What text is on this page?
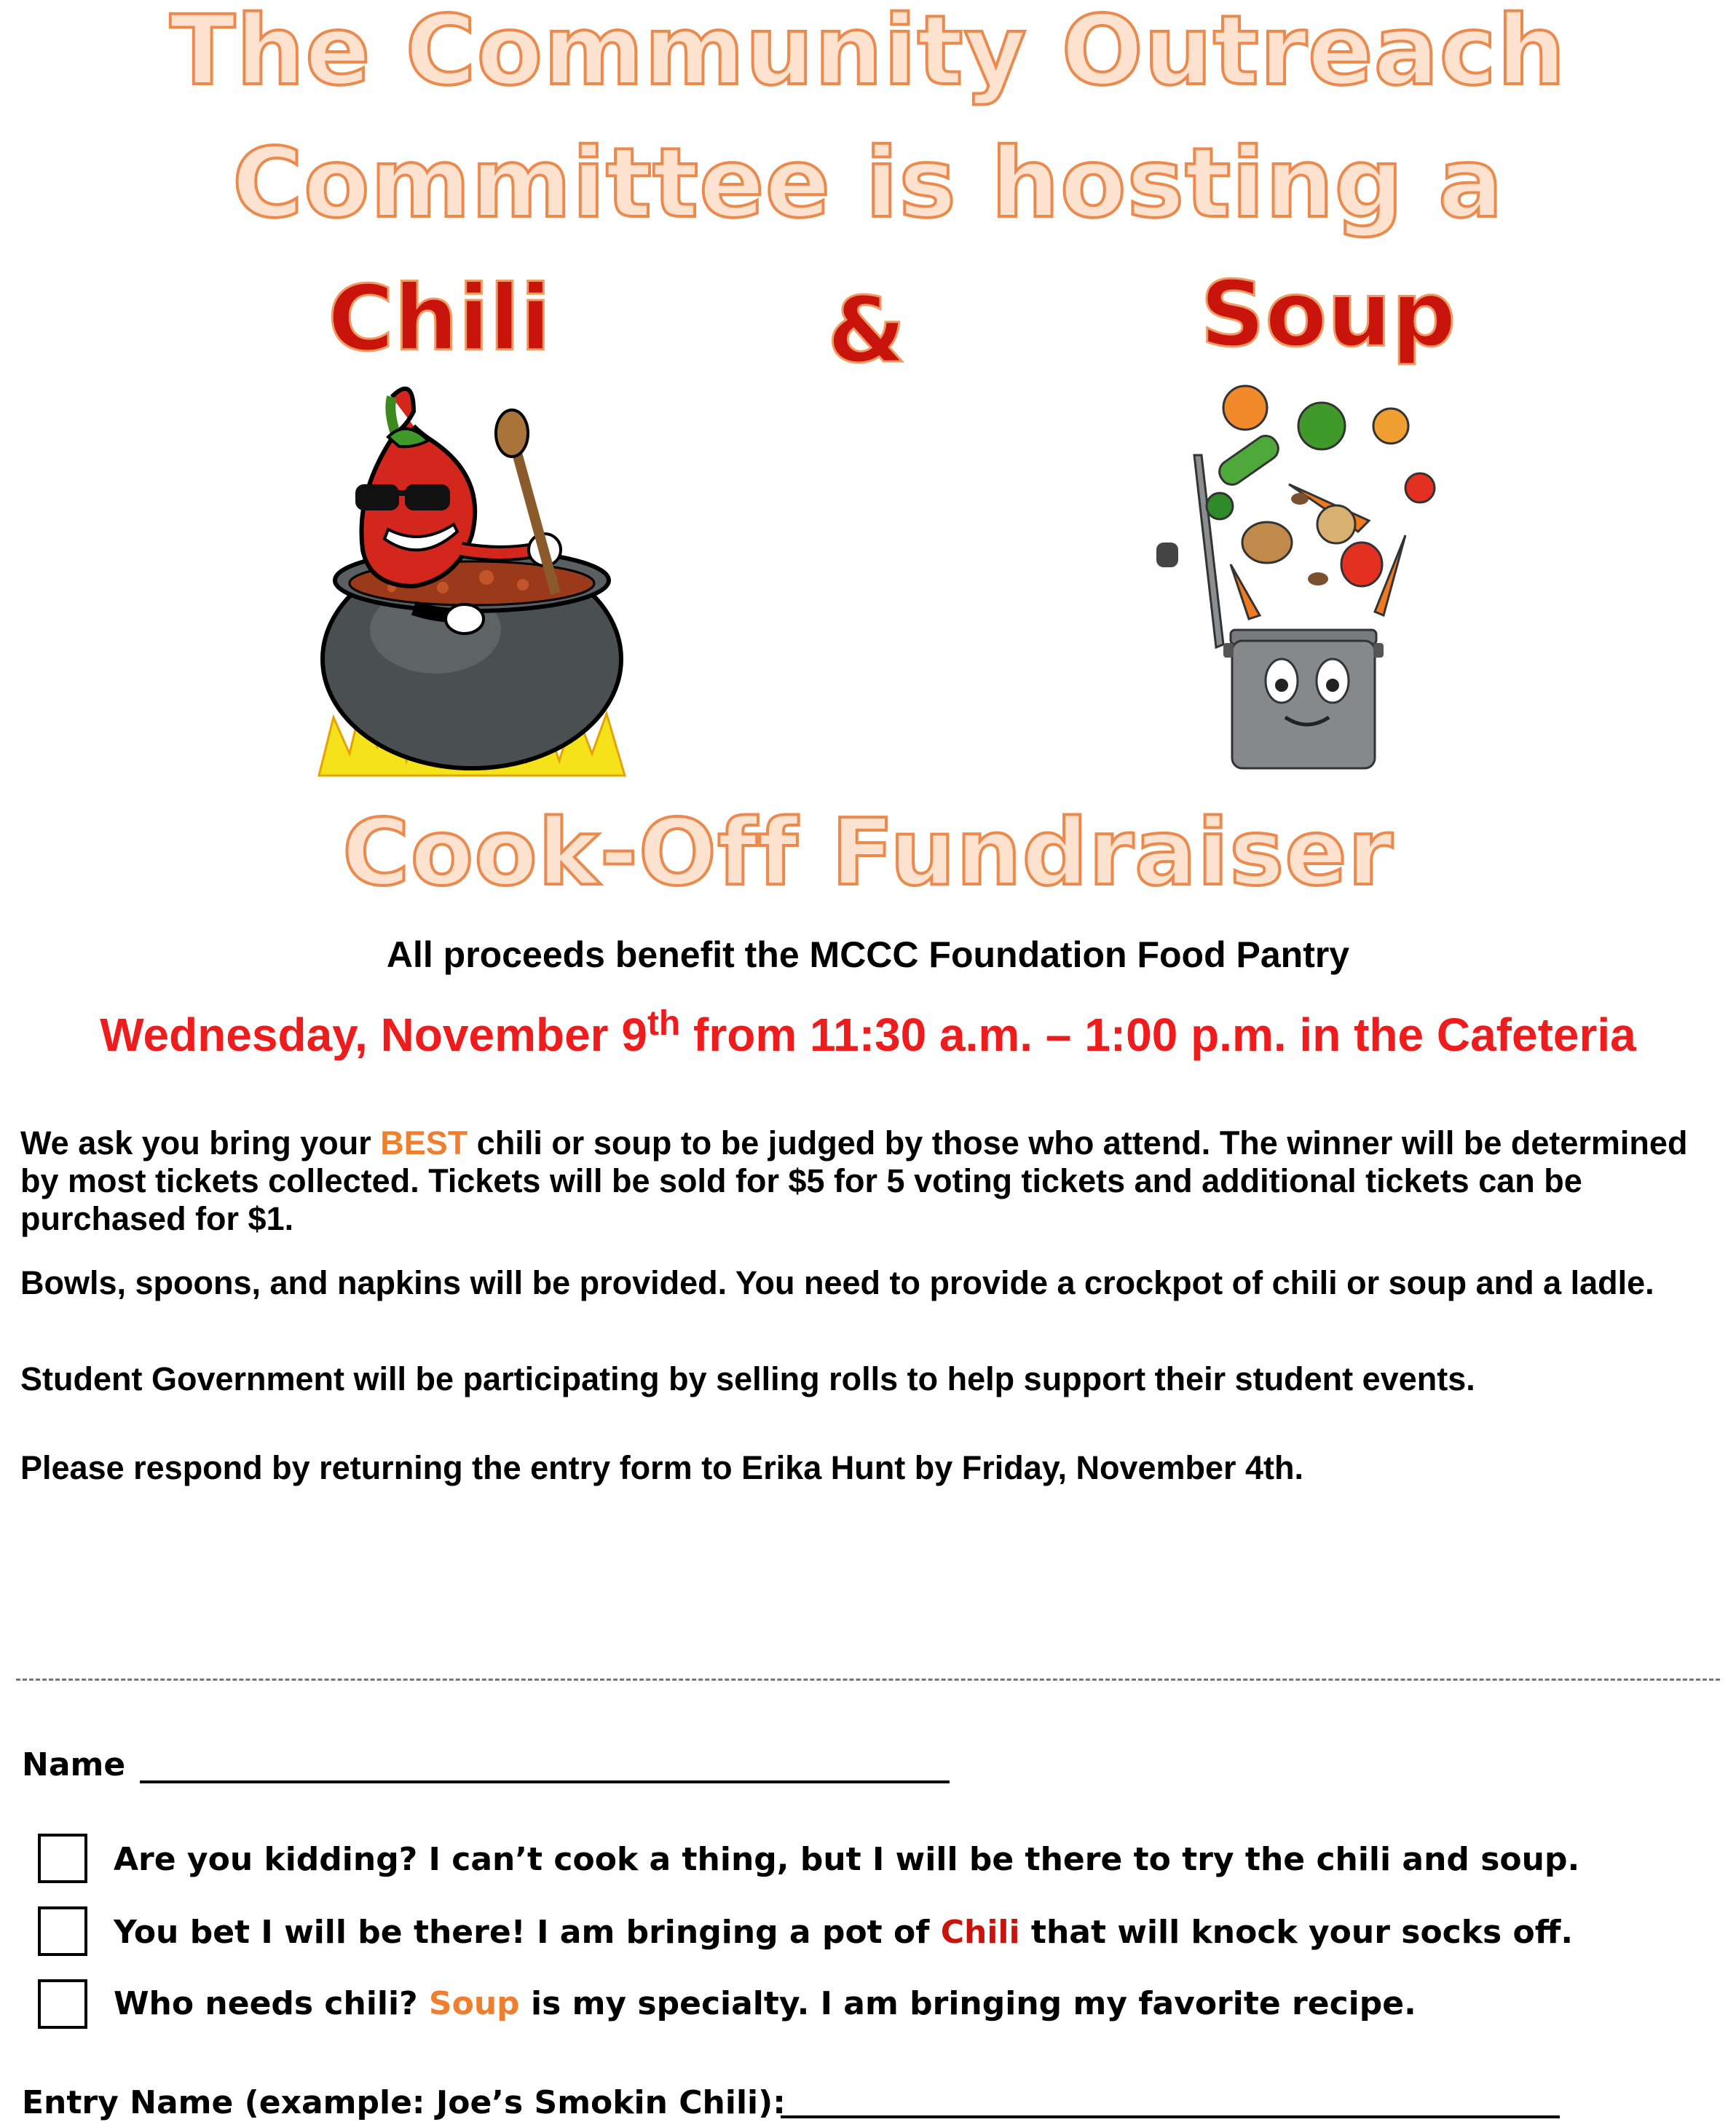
The Community Outreach
Committee is hosting a
Chili	&	Soup
Cook-Off Fundraiser
All proceeds benefit the MCCC Foundation Food Pantry
Wednesday, November 9th from 11:30 a.m. – 1:00 p.m. in the Cafeteria
We ask you bring your BEST chili or soup to be judged by those who attend. The winner will be determined by most tickets collected. Tickets will be sold for $5 for 5 voting tickets and additional tickets can be purchased for $1.
Bowls, spoons, and napkins will be provided. You need to provide a crockpot of chili or soup and a ladle.
Student Government will be participating by selling rolls to help support their student events.
Please respond by returning the entry form to Erika Hunt by Friday, November 4th.
Name
Are you kidding? I can’t cook a thing, but I will be there to try the chili and soup.
You bet I will be there! I am bringing a pot of Chili that will knock your socks off.
Who needs chili? Soup is my specialty. I am bringing my favorite recipe.
Entry Name (example: Joe’s Smokin Chili):
